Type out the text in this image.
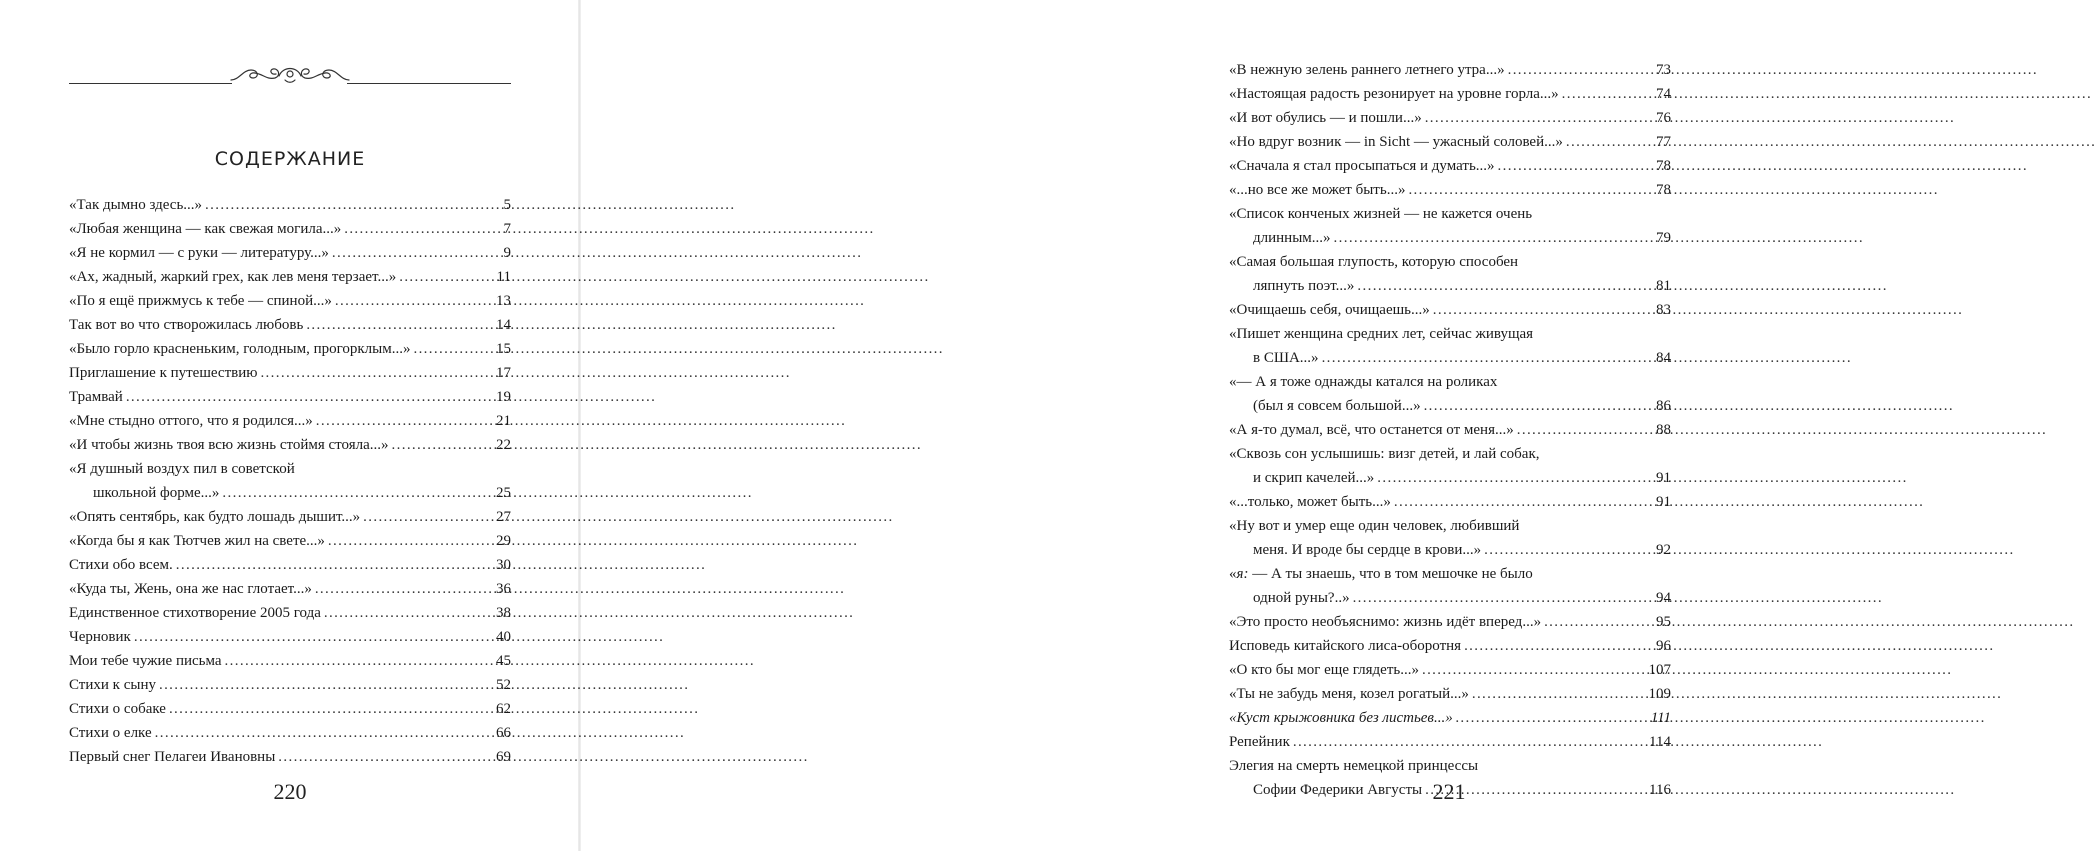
СОДЕРЖАНИЕ
«Так дымно здесь...» . . .	5
«Любая женщина — как свежая могила...» . . .	7
«Я не кормил — с руки — литературу...» . . .	9
«Ах, жадный, жаркий грех, как лев меня терзает...» . . .	11
«По я ещё прижмусь к тебе — спиной...» . . .	13
Так вот во что створожилась любовь . . .	14
«Было горло красненьким, голодным, прогорклым...» . . .	15
Приглашение к путешествию . . .	17
Трамвай . . .	19
«Мне стыдно оттого, что я родился...» . . .	21
«И чтобы жизнь твоя всю жизнь стоймя стояла...» . . .	22
«Я душный воздух пил в советской
школьной форме...» . . .	25
«Опять сентябрь, как будто лошадь дышит...» . . .	27
«Когда бы я как Тютчев жил на свете...» . . .	29
Стихи обо всем. . . .	30
«Куда ты, Жень, она же нас глотает...» . . .	36
Единственное стихотворение 2005 года . . .	38
Черновик . . .	40
Мои тебе чужие письма . . .	45
Стихи к сыну . . .	52
Стихи о собаке . . .	62
Стихи о елке . . .	66
Первый снег Пелагеи Ивановны . . .	69
220
«В нежную зелень раннего летнего утра...» . . .	73
«Настоящая радость резонирует на уровне горла...» . . .	74
«И вот обулись — и пошли...» . . .	76
«Но вдруг возник — in Sicht — ужасный соловей...» . . .	77
«Сначала я стал просыпаться и думать...» . . .	78
«...но все же может быть...» . . .	78
«Список конченых жизней — не кажется очень
длинным...» . . .	79
«Самая большая глупость, которую способен
ляпнуть поэт...» . . .	81
«Очищаешь себя, очищаешь...» . . .	83
«Пишет женщина средних лет, сейчас живущая
в США...» . . .	84
«— А я тоже однажды катался на роликах
(был я совсем большой...» . . .	86
«А я-то думал, всё, что останется от меня...» . . .	88
«Сквозь сон услышишь: визг детей, и лай собак,
и скрип качелей...» . . .	91
«...только, может быть...» . . .	91
«Ну вот и умер еще один человек, любивший
меня. И вроде бы сердце в крови...» . . .	92
«я: — А ты знаешь, что в том мешочке не было
одной руны?..» . . .	94
«Это просто необъяснимо: жизнь идёт вперед...» . . .	95
Исповедь китайского лиса-оборотня . . .	96
«О кто бы мог еще глядеть...» . . .	107
«Ты не забудь меня, козел рогатый...» . . .	109
«Куст крыжовника без листьев...» . . .	111
Репейник . . .	114
Элегия на смерть немецкой принцессы
Софии Федерики Августы . . .	116
221
